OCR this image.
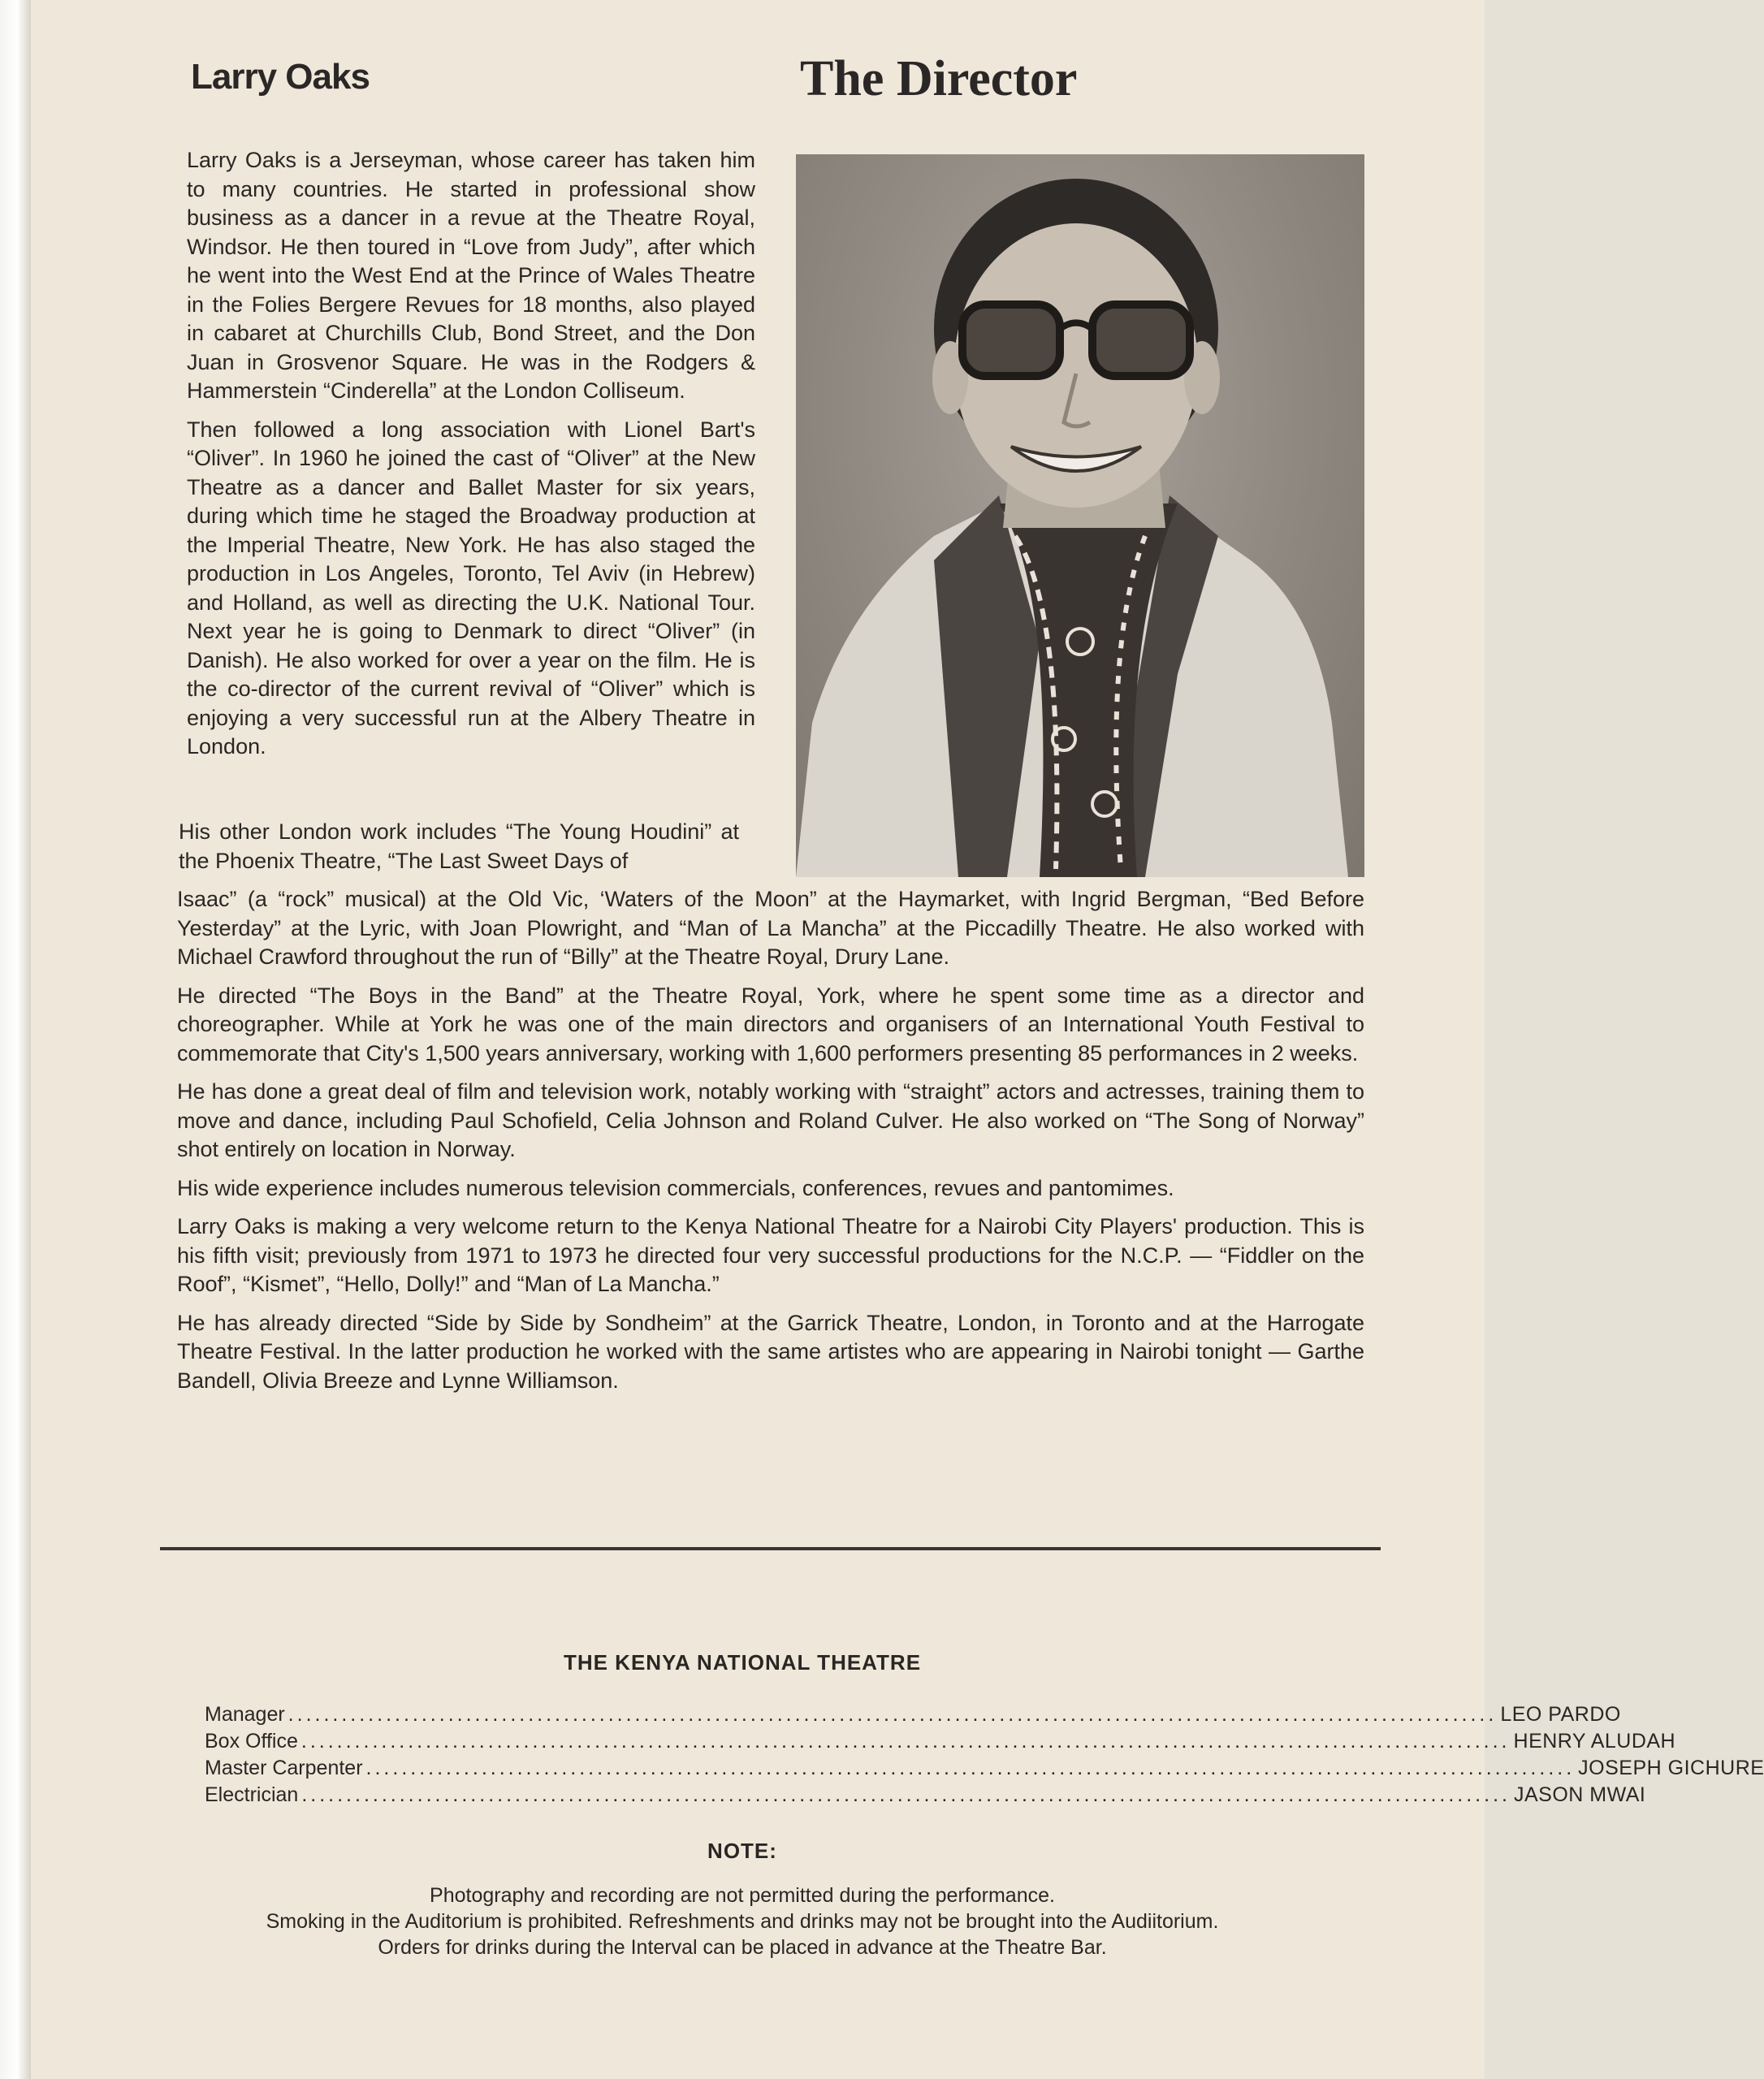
Larry Oaks	The Director

Larry Oaks is a Jerseyman, whose career has taken him to many countries. He started in professional show business as a dancer in a revue at the Theatre Royal, Windsor. He then toured in “Love from Judy”, after which he went into the West End at the Prince of Wales Theatre in the Folies Bergere Revues for 18 months, also played in cabaret at Churchills Club, Bond Street, and the Don Juan in Grosvenor Square. He was in the Rodgers & Hammerstein “Cinderella” at the London Colliseum.

Then followed a long association with Lionel Bart's “Oliver”. In 1960 he joined the cast of “Oliver” at the New Theatre as a dancer and Ballet Master for six years, during which time he staged the Broadway production at the Imperial Theatre, New York. He has also staged the production in Los Angeles, Toronto, Tel Aviv (in Hebrew) and Holland, as well as directing the U.K. National Tour. Next year he is going to Denmark to direct “Oliver” (in Danish). He also worked for over a year on the film. He is the co-director of the current revival of “Oliver” which is enjoying a very successful run at the Albery Theatre in London.

His other London work includes “The Young Houdini” at the Phoenix Theatre, “The Last Sweet Days of

Isaac” (a “rock” musical) at the Old Vic, ‘Waters of the Moon” at the Haymarket, with Ingrid Bergman, “Bed Before Yesterday” at the Lyric, with Joan Plowright, and “Man of La Mancha” at the Piccadilly Theatre. He also worked with Michael Crawford throughout the run of “Billy” at the Theatre Royal, Drury Lane.

He directed “The Boys in the Band” at the Theatre Royal, York, where he spent some time as a director and choreographer. While at York he was one of the main directors and organisers of an International Youth Festival to commemorate that City's 1,500 years anniversary, working with 1,600 performers presenting 85 performances in 2 weeks.

He has done a great deal of film and television work, notably working with “straight” actors and actresses, training them to move and dance, including Paul Schofield, Celia Johnson and Roland Culver. He also worked on “The Song of Norway” shot entirely on location in Norway.

His wide experience includes numerous television commercials, conferences, revues and pantomimes.

Larry Oaks is making a very welcome return to the Kenya National Theatre for a Nairobi City Players' production. This is his fifth visit; previously from 1971 to 1973 he directed four very successful productions for the N.C.P. — “Fiddler on the Roof”, “Kismet”, “Hello, Dolly!” and “Man of La Mancha.”

He has already directed “Side by Side by Sondheim” at the Garrick Theatre, London, in Toronto and at the Harrogate Theatre Festival. In the latter production he worked with the same artistes who are appearing in Nairobi tonight — Garthe Bandell, Olivia Breeze and Lynne Williamson.

THE KENYA NATIONAL THEATRE
Manager ........................................................................................................................................ LEO PARDO
Box Office ........................................................................................................................................ HENRY ALUDAH
Master Carpenter ........................................................................................................................................ JOSEPH GICHURE
Electrician ........................................................................................................................................ JASON MWAI
NOTE:
Photography and recording are not permitted during the performance.
Smoking in the Auditorium is prohibited. Refreshments and drinks may not be brought into the Audiitorium.
Orders for drinks during the Interval can be placed in advance at the Theatre Bar.
